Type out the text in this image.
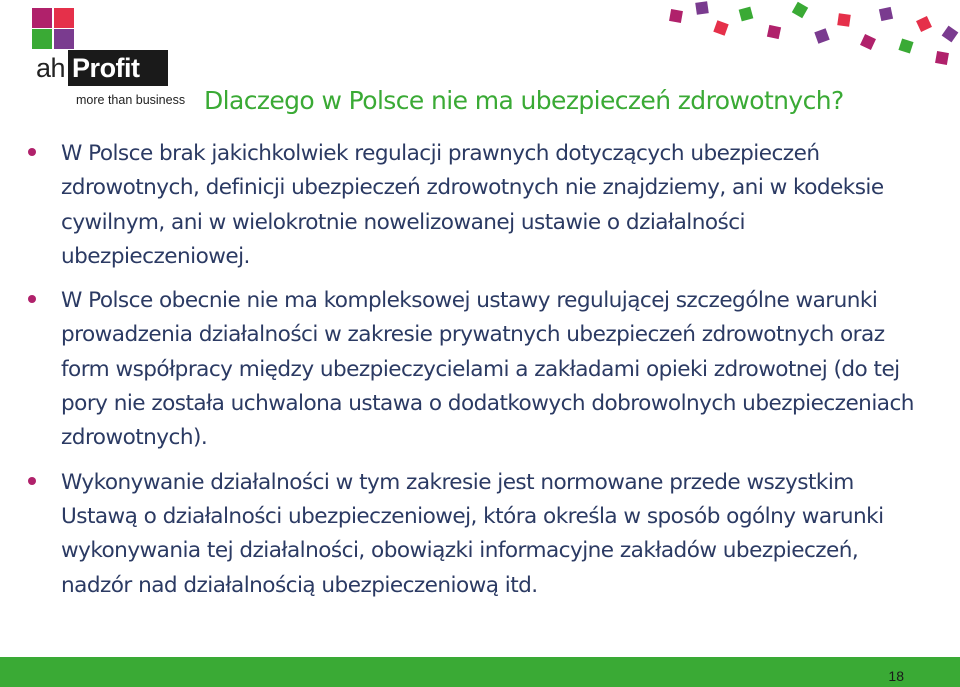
ah Profit
more than business Dlaczego w Polsce nie ma ubezpieczeń zdrowotnych?
W Polsce brak jakichkolwiek regulacji prawnych dotyczących ubezpieczeń zdrowotnych, definicji ubezpieczeń zdrowotnych nie znajdziemy, ani w kodeksie cywilnym, ani w wielokrotnie nowelizowanej ustawie o działalności ubezpieczeniowej.
W Polsce obecnie nie ma kompleksowej ustawy regulującej szczególne warunki prowadzenia działalności w zakresie prywatnych ubezpieczeń zdrowotnych oraz form współpracy między ubezpieczycielami a zakładami opieki zdrowotnej (do tej pory nie została uchwalona ustawa o dodatkowych dobrowolnych ubezpieczeniach zdrowotnych).
Wykonywanie działalności w tym zakresie jest normowane przede wszystkim Ustawą o działalności ubezpieczeniowej, która określa w sposób ogólny warunki wykonywania tej działalności, obowiązki informacyjne zakładów ubezpieczeń, nadzór nad działalnością ubezpieczeniową itd.
18
